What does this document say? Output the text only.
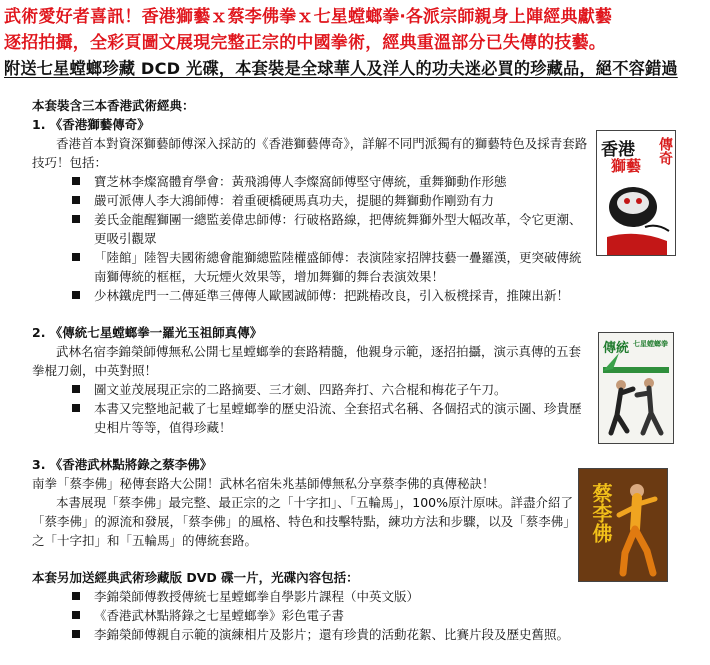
武術愛好者喜訊！香港獅藝ｘ蔡李佛拳ｘ七星螳螂拳‧各派宗師親身上陣經典獻藝
逐招拍攝，全彩頁圖文展現完整正宗的中國拳術，經典重溫部分已失傳的技藝。
附送七星螳螂珍藏 DCD 光碟，本套裝是全球華人及洋人的功夫迷必買的珍藏品，絕不容錯過

本套裝含三本香港武術經典：

1. 《香港獅藝傳奇》

香港首本對資深獅藝師傅深入採訪的《香港獅藝傳奇》，詳解不同門派獨有的獅藝特色及採青套路技巧！包括：

寶芝林李燦窩體育學會：黃飛鴻傳人李燦窩師傅堅守傳統，重舞獅動作形態
嚴可派傳人李大鴻師傅：着重硬橋硬馬真功夫，提腿的舞獅動作剛勁有力
姜氏金龍醒獅團一總監姜偉忠師傅：行破格路線，把傳統舞獅外型大幅改革，令它更潮、更吸引觀眾
「陸館」陸智夫國術總會龍獅總監陸權盛師傅：表演陸家招牌技藝一疊羅漢，更突破傳統南獅傳統的框框，大玩煙火效果等，增加舞獅的舞台表演效果！
少林鐵虎門一二傳延準三傳傳人歐國誠師傅：把跳樁改良，引入板櫈採青，推陳出新！

2. 《傳統七星螳螂拳一羅光玉祖師真傳》

武林名宿李錦榮師傅無私公開七星螳螂拳的套路精髓，他親身示範，逐招拍攝，演示真傳的五套拳棍刀劍，中英對照！

圖文並茂展現正宗的二路摘要、三才劍、四路奔打、六合棍和梅花子午刀。
本書又完整地記載了七星螳螂拳的歷史沿流、全套招式名稱、各個招式的演示圖、珍貴歷史相片等等，值得珍藏！

3. 《香港武林點將錄之蔡李佛》

南拳「蔡李佛」秘傳套路大公開！武林名宿朱兆基師傅無私分享蔡李佛的真傳秘訣！

本書展現「蔡李佛」最完整、最正宗的之「十字扣」、「五輪馬」，100%原汁原味。詳盡介紹了「蔡李佛」的源流和發展，「蔡李佛」的風格、特色和技擊特點，練功方法和步驟，以及「蔡李佛」之「十字扣」和「五輪馬」的傳統套路。

本套另加送經典武術珍藏版 DVD 碟一片，光碟內容包括：

李錦榮師傅教授傳統七星螳螂拳自學影片課程（中英文版）
《香港武林點將錄之七星螳螂拳》彩色電子書
李錦榮師傅親自示範的演練相片及影片；還有珍貴的活動花絮、比賽片段及歷史舊照。
香港
獅藝
傳奇
傳統 七星螳螂拳
蔡李佛
